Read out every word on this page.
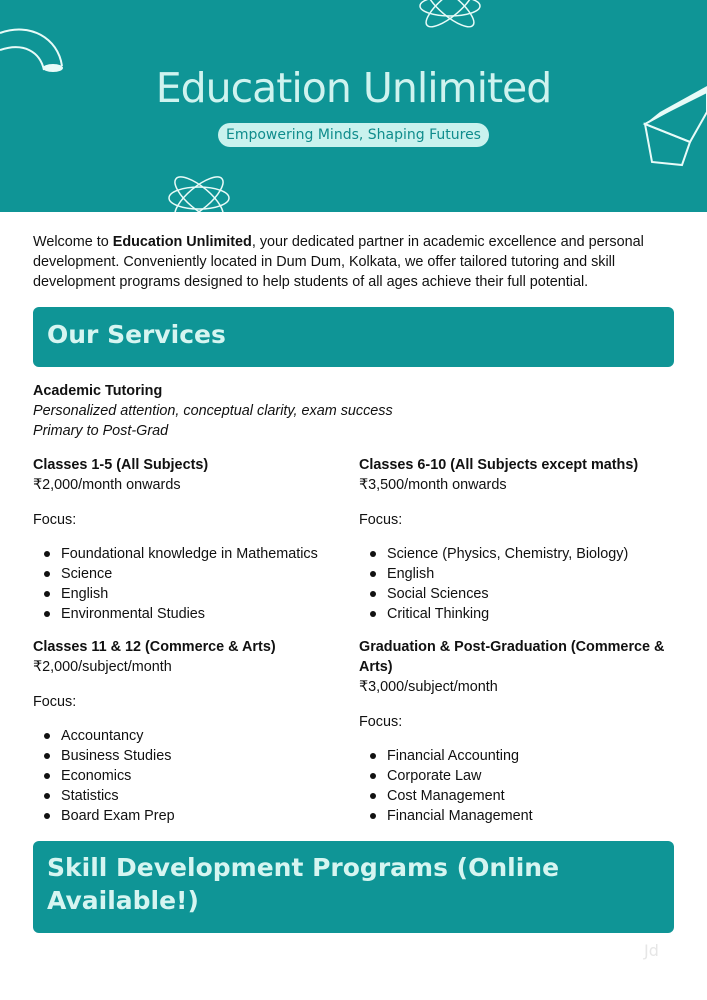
Education Unlimited
Empowering Minds, Shaping Futures

Welcome to Education Unlimited, your dedicated partner in academic excellence and personal development. Conveniently located in Dum Dum, Kolkata, we offer tailored tutoring and skill development programs designed to help students of all ages achieve their full potential.

Our Services

Academic Tutoring

Personalized attention, conceptual clarity, exam success

Primary to Post-Grad

Classes 1-5 (All Subjects)

₹2,000/month onwards

Focus:

Foundational knowledge in Mathematics
Science
English
Environmental Studies

Classes 6-10 (All Subjects except maths)

₹3,500/month onwards

Focus:

Science (Physics, Chemistry, Biology)
English
Social Sciences
Critical Thinking

Classes 11 & 12 (Commerce & Arts)

₹2,000/subject/month

Focus:

Accountancy
Business Studies
Economics
Statistics
Board Exam Prep

Graduation & Post-Graduation (Commerce & Arts)

₹3,000/subject/month

Focus:

Financial Accounting
Corporate Law
Cost Management
Financial Management
Skill Development Programs (Online Available!)
Jd
